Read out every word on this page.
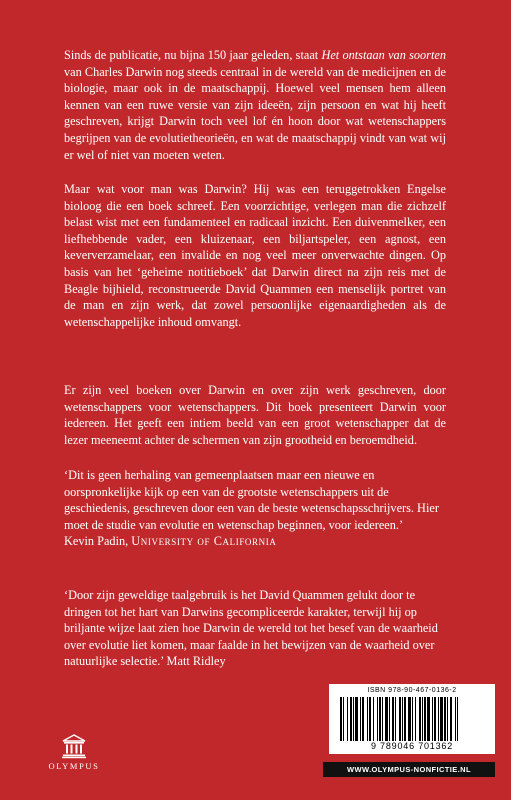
Sinds de publicatie, nu bijna 150 jaar geleden, staat Het ontstaan van soorten van Charles Darwin nog steeds centraal in de wereld van de medicijnen en de biologie, maar ook in de maatschappij. Hoewel veel mensen hem alleen kennen van een ruwe versie van zijn ideeën, zijn persoon en wat hij heeft geschreven, krijgt Darwin toch veel lof én hoon door wat wetenschappers begrijpen van de evolutietheorieën, en wat de maatschappij vindt van wat wij er wel of niet van moeten weten.

Maar wat voor man was Darwin? Hij was een teruggetrokken Engelse bioloog die een boek schreef. Een voorzichtige, verlegen man die zichzelf belast wist met een fundamenteel en radicaal inzicht. Een duivenmelker, een liefhebbende vader, een kluizenaar, een biljartspeler, een agnost, een keververzamelaar, een invalide en nog veel meer onverwachte dingen. Op basis van het ‘geheime notitieboek’ dat Darwin direct na zijn reis met de Beagle bijhield, reconstrueerde David Quammen een menselijk portret van de man en zijn werk, dat zowel persoonlijke eigenaardigheden als de wetenschappelijke inhoud omvangt.

Er zijn veel boeken over Darwin en over zijn werk geschreven, door wetenschappers voor wetenschappers. Dit boek presenteert Darwin voor iedereen. Het geeft een intiem beeld van een groot wetenschapper dat de lezer meeneemt achter de schermen van zijn grootheid en beroemdheid.

‘Dit is geen herhaling van gemeenplaatsen maar een nieuwe en oorspronkelijke kijk op een van de grootste wetenschappers uit de geschiedenis, geschreven door een van de beste wetenschapsschrijvers. Hier moet de studie van evolutie en wetenschap beginnen, voor iedereen.’

Kevin Padin, University of California

‘Door zijn geweldige taalgebruik is het David Quammen gelukt door te dringen tot het hart van Darwins gecompliceerde karakter, terwijl hij op briljante wijze laat zien hoe Darwin de wereld tot het besef van de waarheid over evolutie liet komen, maar faalde in het bewijzen van de waarheid over natuurlijke selectie.’ Matt Ridley

OLYMPUS
ISBN 978-90-467-0136-2
9 789046 701362
WWW.OLYMPUS-NONFICTIE.NL
